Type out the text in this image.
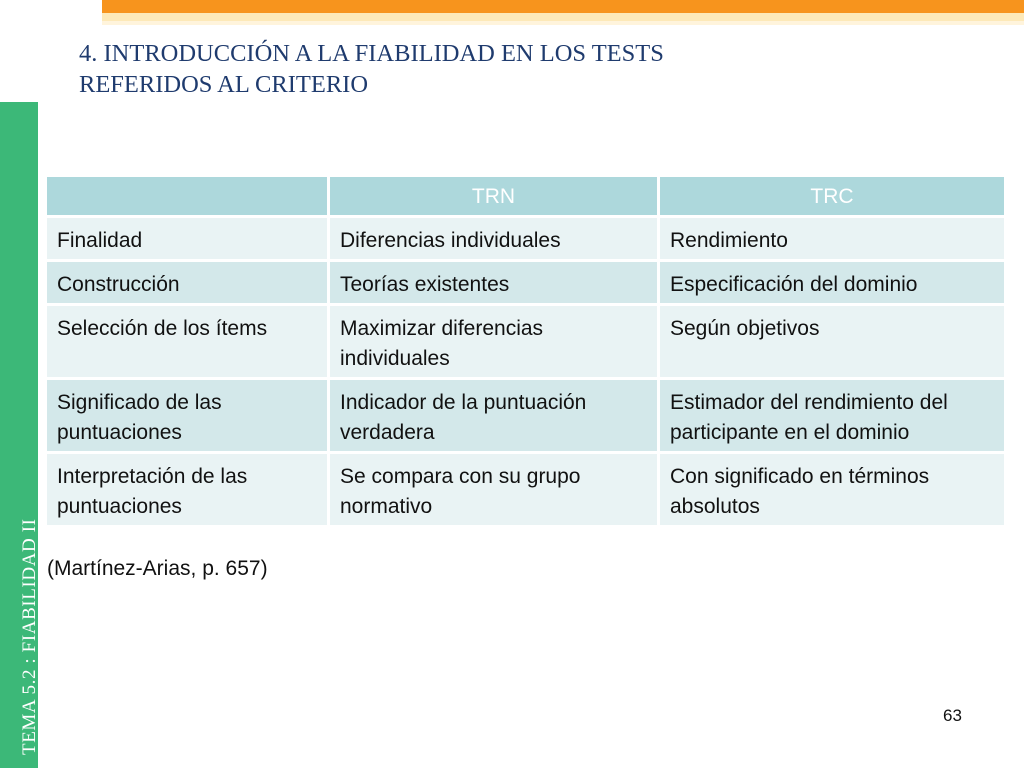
4. INTRODUCCIÓN A LA FIABILIDAD EN LOS TESTS
REFERIDOS AL CRITERIO
TEMA 5.2 : FIABILIDAD II
	TRN	TRC
Finalidad	Diferencias individuales	Rendimiento
Construcción	Teorías existentes	Especificación del dominio
Selección de los ítems	Maximizar diferencias individuales	Según objetivos
Significado de las puntuaciones	Indicador de la puntuación verdadera	Estimador del rendimiento del participante en el dominio
Interpretación de las puntuaciones	Se compara con su grupo normativo	Con significado en términos absolutos
(Martínez-Arias, p. 657)
63
